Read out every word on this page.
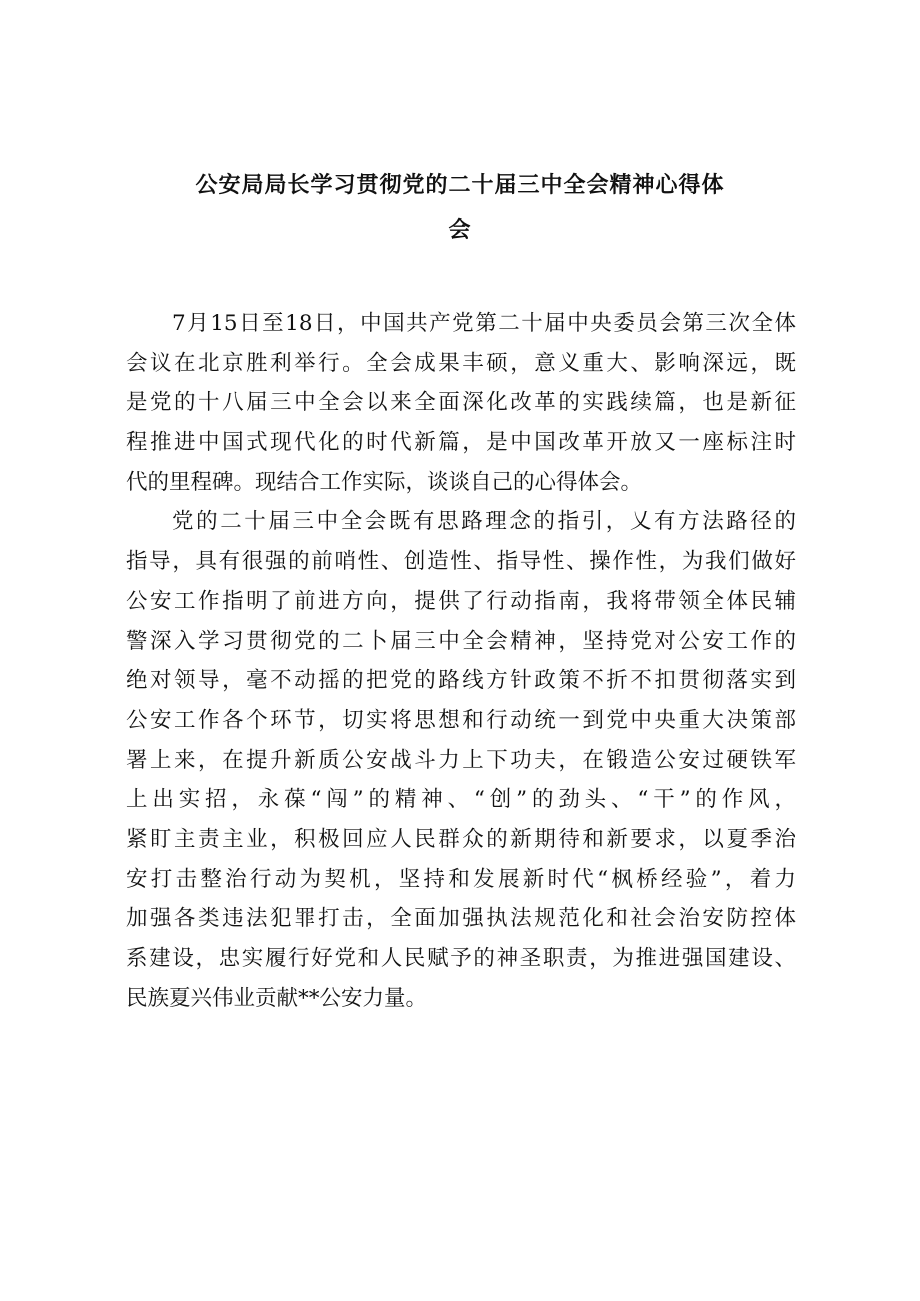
公安局局长学习贯彻党的二十届三中全会精神心得体
会
7月15日至18日，中国共产党第二十届中央委员会第三次全体
会议在北京胜利举行。全会成果丰硕，意义重大、影响深远，既
是党的十八届三中全会以来全面深化改革的实践续篇，也是新征
程推进中国式现代化的时代新篇，是中国改革开放又一座标注时
代的里程碑。现结合工作实际，谈谈自己的心得体会。
党的二十届三中全会既有思路理念的指引，乂有方法路径的
指导，具有很强的前哨性、创造性、指导性、操作性，为我们做好
公安工作指明了前进方向，提供了行动指南，我将带领全体民辅
警深入学习贯彻党的二卜届三中全会精神，坚持党对公安工作的
绝对领导，毫不动摇的把党的路线方针政策不折不扣贯彻落实到
公安工作各个环节，切实将思想和行动统一到党中央重大决策部
署上来，在提升新质公安战斗力上下功夫，在锻造公安过硬铁军
上出实招，永葆“闯”的精神、“创”的劲头、“干”的作风，
紧盯主责主业，积极回应人民群众的新期待和新要求，以夏季治
安打击整治行动为契机，坚持和发展新时代“枫桥经验”，着力
加强各类违法犯罪打击，全面加强执法规范化和社会治安防控体
系建设，忠实履行好党和人民赋予的神圣职责，为推进强国建设、
民族夏兴伟业贡献**公安力量。
